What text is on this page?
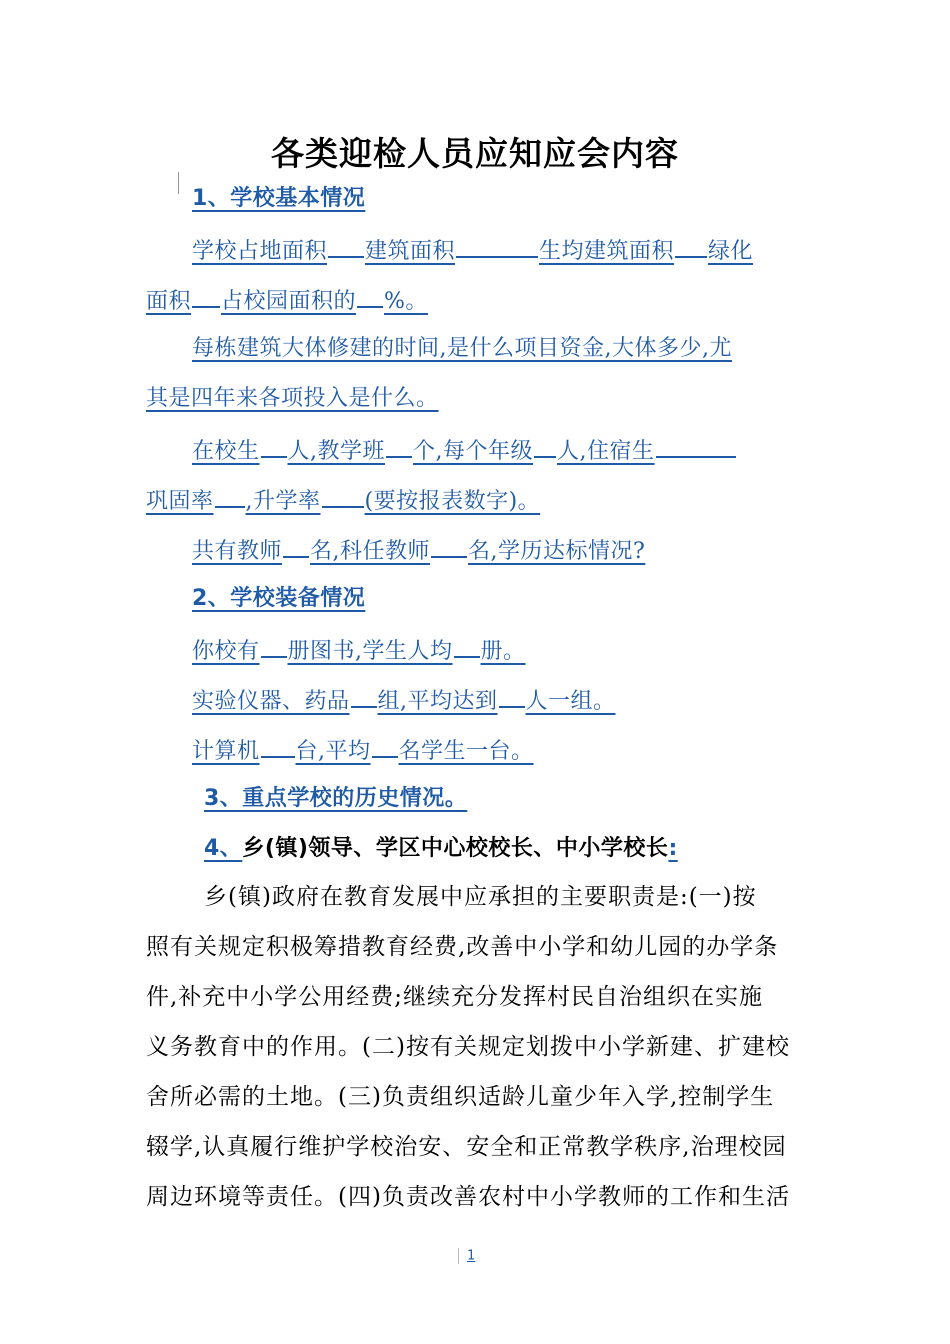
各类迎检人员应知应会内容
1、学校基本情况
学校占地面积 建筑面积	生均建筑面积 绿化
面积 占校园面积的 %。
每栋建筑大体修建的时间,是什么项目资金,大体多少,尤
其是四年来各项投入是什么。
在校生 人,教学班 个,每个年级 人,住宿生
巩固率 ,升学率 (要按报表数字)。
共有教师 名,科任教师 名,学历达标情况?
2、学校装备情况
你校有 册图书,学生人均 册。
实验仪器、药品 组,平均达到 人一组。
计算机 台,平均 名学生一台。
3、重点学校的历史情况。
4、乡(镇)领导、学区中心校校长、中小学校长:
乡(镇)政府在教育发展中应承担的主要职责是:(一)按
照有关规定积极筹措教育经费,改善中小学和幼儿园的办学条
件,补充中小学公用经费;继续充分发挥村民自治组织在实施
义务教育中的作用。(二)按有关规定划拨中小学新建、扩建校
舍所必需的土地。(三)负责组织适龄儿童少年入学,控制学生
辍学,认真履行维护学校治安、安全和正常教学秩序,治理校园
周边环境等责任。(四)负责改善农村中小学教师的工作和生活
1
